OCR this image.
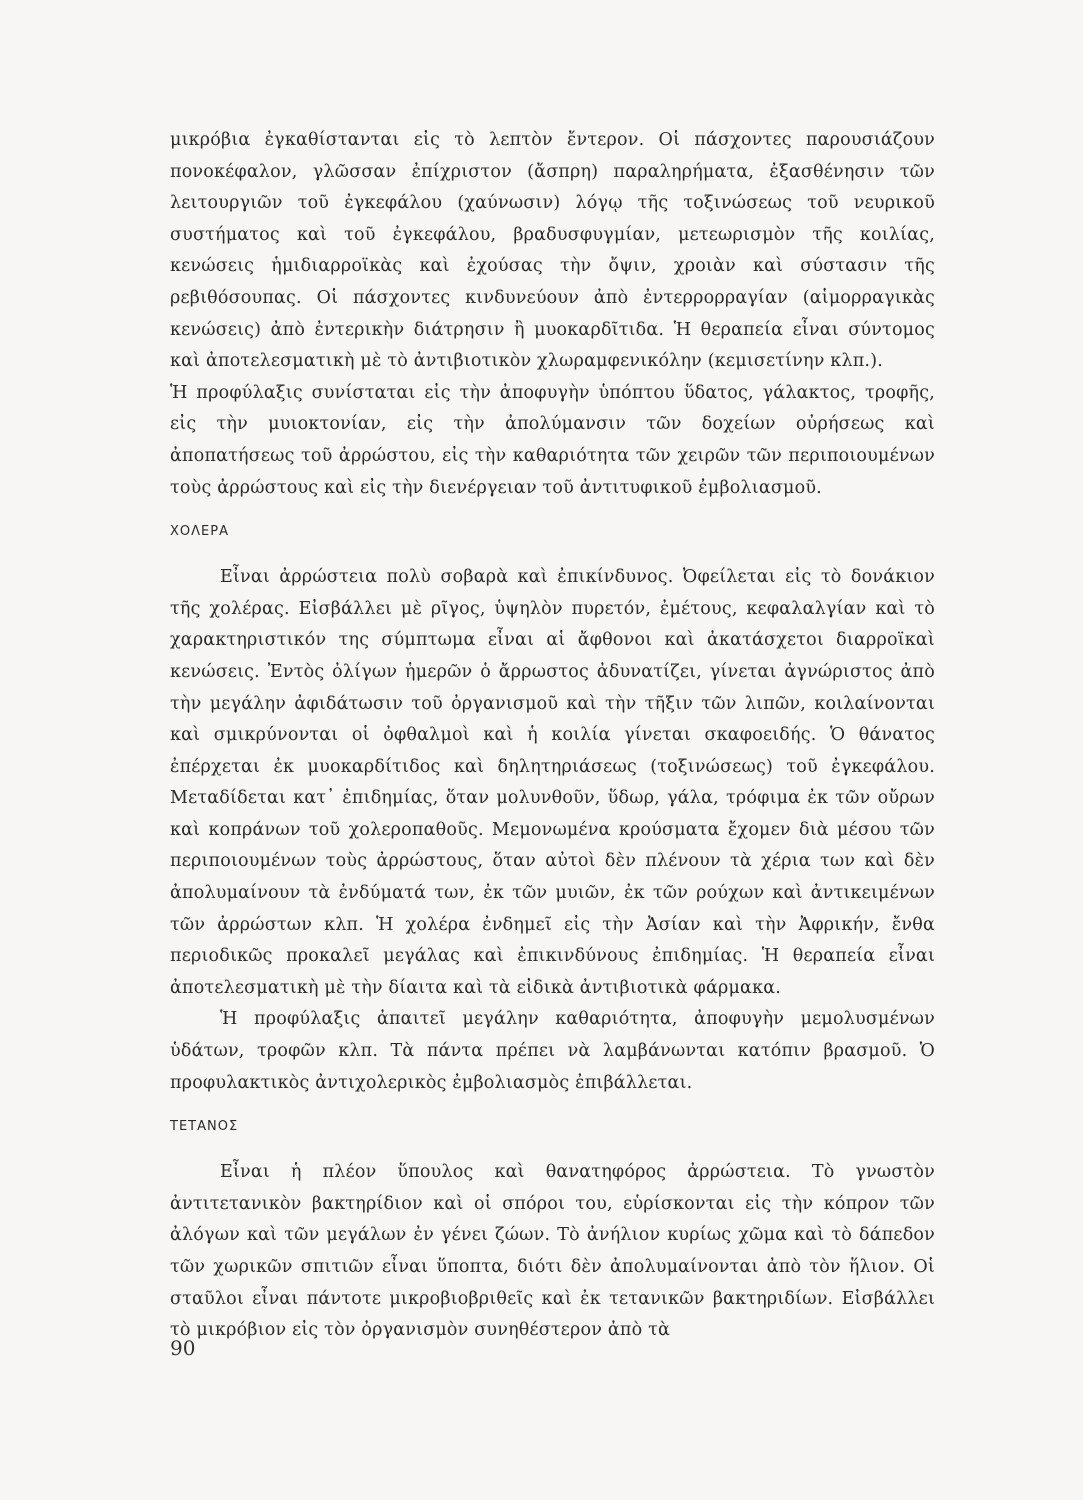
μικρόβια ἐγκαθίστανται εἰς τὸ λεπτὸν ἔντερον. Οἱ πάσχοντες παρουσιάζουν πονοκέφαλον, γλῶσσαν ἐπίχριστον (ἄσπρη) παραληρήματα, ἐξασθένησιν τῶν λειτουργιῶν τοῦ ἐγκεφάλου (χαύνωσιν) λόγῳ τῆς τοξινώσεως τοῦ νευρικοῦ συστήματος καὶ τοῦ ἐγκεφάλου, βραδυσφυγμίαν, μετεωρισμὸν τῆς κοιλίας, κενώσεις ἡμιδιαρροϊκὰς καὶ ἐχούσας τὴν ὄψιν, χροιὰν καὶ σύστασιν τῆς ρεβιθόσουπας. Οἱ πάσχοντες κινδυνεύουν ἀπὸ ἐντερρορραγίαν (αἱμορραγικὰς κενώσεις) ἀπὸ ἐντερικὴν διάτρησιν ἢ μυοκαρδῖτιδα. Ἡ θεραπεία εἶναι σύντομος καὶ ἀποτελεσματικὴ μὲ τὸ ἀντιβιοτικὸν χλωραμφενικόλην (κεμισετίνην κλπ.).

Ἡ προφύλαξις συνίσταται εἰς τὴν ἀποφυγὴν ὑπόπτου ὕδατος, γάλακτος, τροφῆς, εἰς τὴν μυιοκτονίαν, εἰς τὴν ἀπολύμανσιν τῶν δοχείων οὐρήσεως καὶ ἀποπατήσεως τοῦ ἀρρώστου, εἰς τὴν καθαριότητα τῶν χειρῶν τῶν περιποιουμένων τοὺς ἀρρώστους καὶ εἰς τὴν διενέργειαν τοῦ ἀντιτυφικοῦ ἐμβολιασμοῦ.

ΧΟΛΕΡΑ

Εἶναι ἀρρώστεια πολὺ σοβαρὰ καὶ ἐπικίνδυνος. Ὀφείλεται εἰς τὸ δονάκιον τῆς χολέρας. Εἰσβάλλει μὲ ρῖγος, ὑψηλὸν πυρετόν, ἐμέτους, κεφαλαλγίαν καὶ τὸ χαρακτηριστικόν της σύμπτωμα εἶναι αἱ ἄφθονοι καὶ ἀκατάσχετοι διαρροϊκαὶ κενώσεις. Ἐντὸς ὀλίγων ἡμερῶν ὁ ἄρρωστος ἀδυνατίζει, γίνεται ἀγνώριστος ἀπὸ τὴν μεγάλην ἀφιδάτωσιν τοῦ ὀργανισμοῦ καὶ τὴν τῆξιν τῶν λιπῶν, κοιλαίνονται καὶ σμικρύνονται οἱ ὀφθαλμοὶ καὶ ἡ κοιλία γίνεται σκαφοειδής. Ὁ θάνατος ἐπέρχεται ἐκ μυοκαρδίτιδος καὶ δηλητηριάσεως (τοξινώσεως) τοῦ ἐγκεφάλου. Μεταδίδεται κατ᾽ ἐπιδημίας, ὅταν μολυνθοῦν, ὕδωρ, γάλα, τρόφιμα ἐκ τῶν οὔρων καὶ κοπράνων τοῦ χολεροπαθοῦς. Μεμονωμένα κρούσματα ἔχομεν διὰ μέσου τῶν περιποιουμένων τοὺς ἀρρώστους, ὅταν αὐτοὶ δὲν πλένουν τὰ χέρια των καὶ δὲν ἀπολυμαίνουν τὰ ἐνδύματά των, ἐκ τῶν μυιῶν, ἐκ τῶν ρούχων καὶ ἀντικειμένων τῶν ἀρρώστων κλπ. Ἡ χολέρα ἐνδημεῖ εἰς τὴν Ἀσίαν καὶ τὴν Ἀφρικήν, ἔνθα περιοδικῶς προκαλεῖ μεγάλας καὶ ἐπικινδύνους ἐπιδημίας. Ἡ θεραπεία εἶναι ἀποτελεσματικὴ μὲ τὴν δίαιτα καὶ τὰ εἰδικὰ ἀντιβιοτικὰ φάρμακα.

Ἡ προφύλαξις ἀπαιτεῖ μεγάλην καθαριότητα, ἀποφυγὴν μεμολυσμένων ὑδάτων, τροφῶν κλπ. Τὰ πάντα πρέπει νὰ λαμβάνωνται κατόπιν βρασμοῦ. Ὁ προφυλακτικὸς ἀντιχολερικὸς ἐμβολιασμὸς ἐπιβάλλεται.

ΤΕΤΑΝΟΣ

Εἶναι ἡ πλέον ὕπουλος καὶ θανατηφόρος ἀρρώστεια. Τὸ γνωστὸν ἀντιτετανικὸν βακτηρίδιον καὶ οἱ σπόροι του, εὑρίσκονται εἰς τὴν κόπρον τῶν ἀλόγων καὶ τῶν μεγάλων ἐν γένει ζώων. Τὸ ἀνήλιον κυρίως χῶμα καὶ τὸ δάπεδον τῶν χωρικῶν σπιτιῶν εἶναι ὕποπτα, διότι δὲν ἀπολυμαίνονται ἀπὸ τὸν ἥλιον. Οἱ σταῦλοι εἶναι πάντοτε μικροβιοβριθεῖς καὶ ἐκ τετανικῶν βακτηριδίων. Εἰσβάλλει τὸ μικρόβιον εἰς τὸν ὀργανισμὸν συνηθέστερον ἀπὸ τὰ

90
